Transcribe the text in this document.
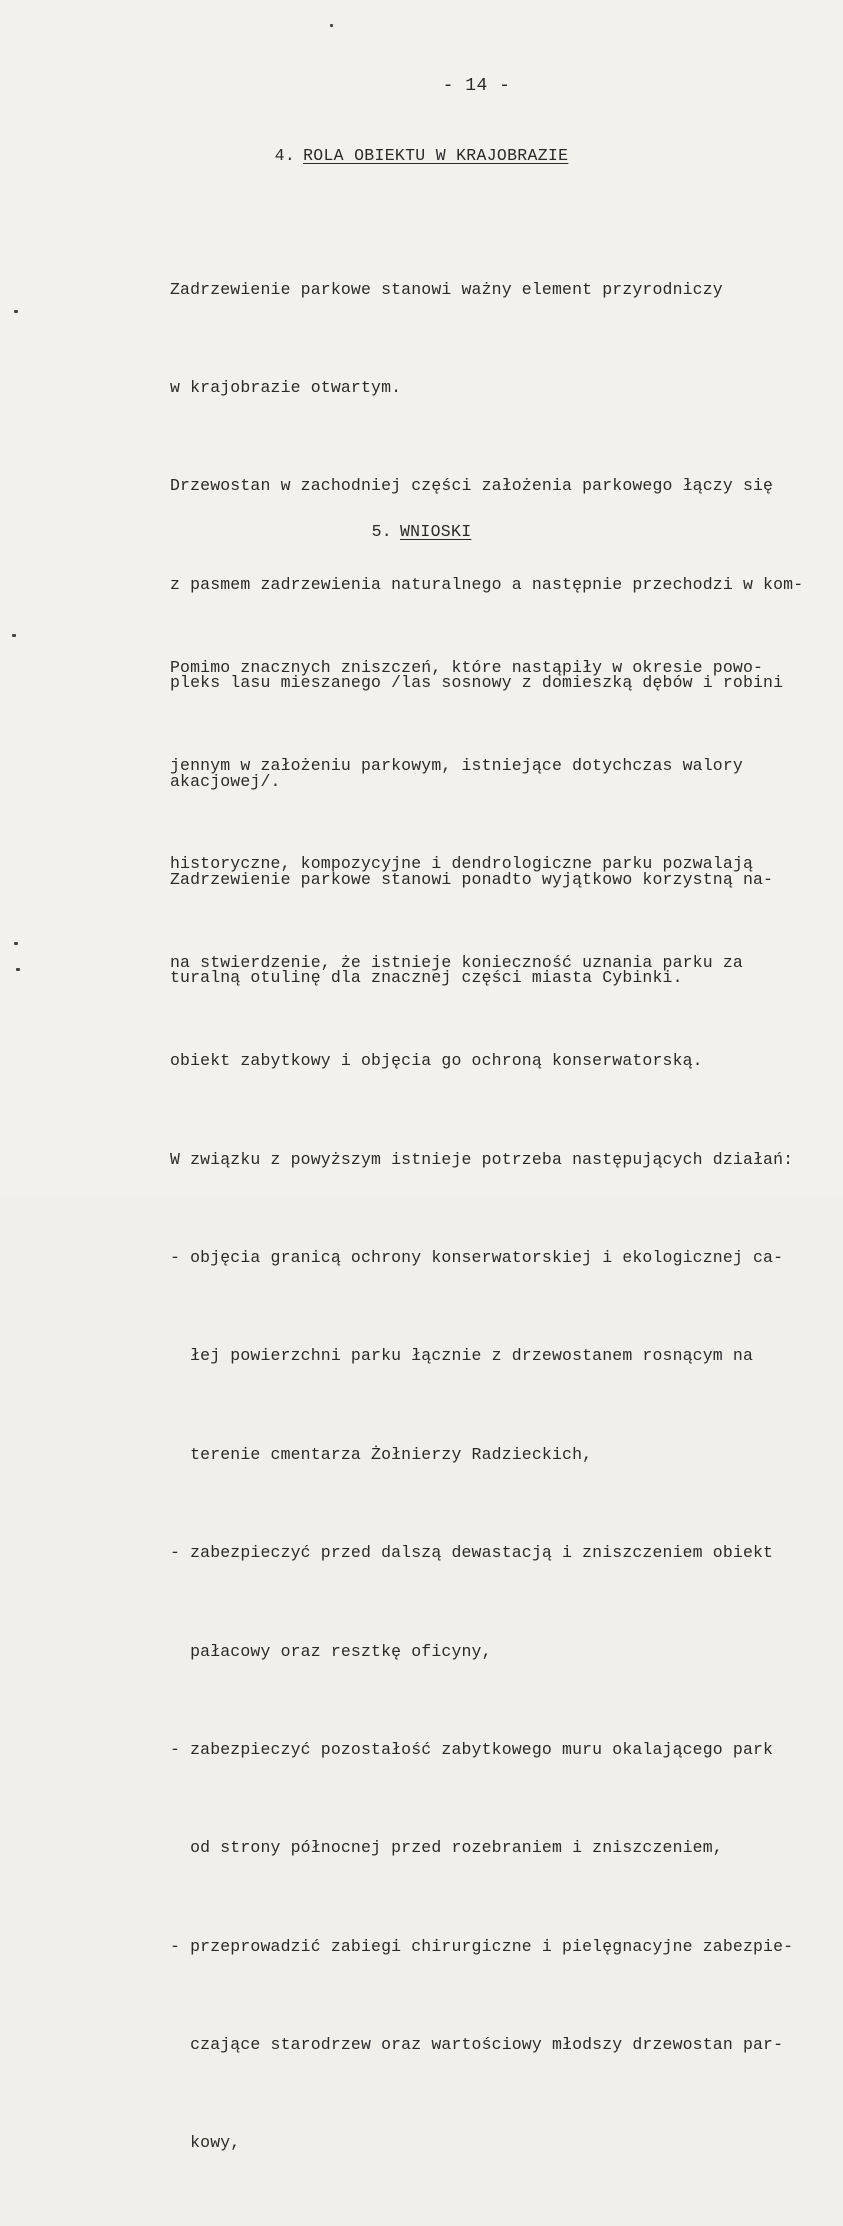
- 14 -
4. ROLA OBIEKTU W KRAJOBRAZIE

Zadrzewienie parkowe stanowi ważny element przyrodniczy

w krajobrazie otwartym.

Drzewostan w zachodniej części założenia parkowego łączy się

z pasmem zadrzewienia naturalnego a następnie przechodzi w kom-

pleks lasu mieszanego /las sosnowy z domieszką dębów i robini

akacjowej/.

Zadrzewienie parkowe stanowi ponadto wyjątkowo korzystną na-

turalną otulinę dla znacznej części miasta Cybinki.

5. WNIOSKI

Pomimo znacznych zniszczeń, które nastąpiły w okresie powo-

jennym w założeniu parkowym, istniejące dotychczas walory

historyczne, kompozycyjne i dendrologiczne parku pozwalają

na stwierdzenie, że istnieje konieczność uznania parku za

obiekt zabytkowy i objęcia go ochroną konserwatorską.

W związku z powyższym istnieje potrzeba następujących działań:

- objęcia granicą ochrony konserwatorskiej i ekologicznej ca-

łej powierzchni parku łącznie z drzewostanem rosnącym na

terenie cmentarza Żołnierzy Radzieckich,

- zabezpieczyć przed dalszą dewastacją i zniszczeniem obiekt

pałacowy oraz resztkę oficyny,

- zabezpieczyć pozostałość zabytkowego muru okalającego park

od strony północnej przed rozebraniem i zniszczeniem,

- przeprowadzić zabiegi chirurgiczne i pielęgnacyjne zabezpie-

czające starodrzew oraz wartościowy młodszy drzewostan par-

kowy,
